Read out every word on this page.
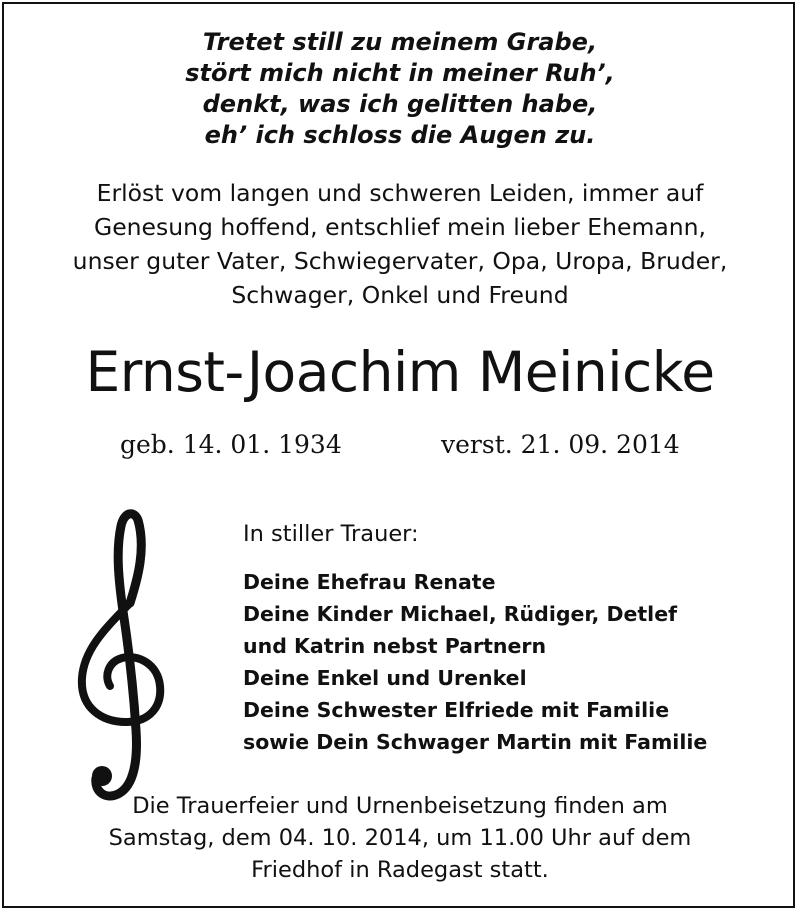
Tretet still zu meinem Grabe,
stört mich nicht in meiner Ruh’,
denkt, was ich gelitten habe,
eh’ ich schloss die Augen zu.
Erlöst vom langen und schweren Leiden, immer auf
Genesung hoffend, entschlief mein lieber Ehemann,
unser guter Vater, Schwiegervater, Opa, Uropa, Bruder,
Schwager, Onkel und Freund
Ernst-Joachim Meinicke
geb. 14. 01. 1934	verst. 21. 09. 2014
In stiller Trauer:
Deine Ehefrau Renate
Deine Kinder Michael, Rüdiger, Detlef
und Katrin nebst Partnern
Deine Enkel und Urenkel
Deine Schwester Elfriede mit Familie
sowie Dein Schwager Martin mit Familie
Die Trauerfeier und Urnenbeisetzung finden am
Samstag, dem 04. 10. 2014, um 11.00 Uhr auf dem
Friedhof in Radegast statt.
